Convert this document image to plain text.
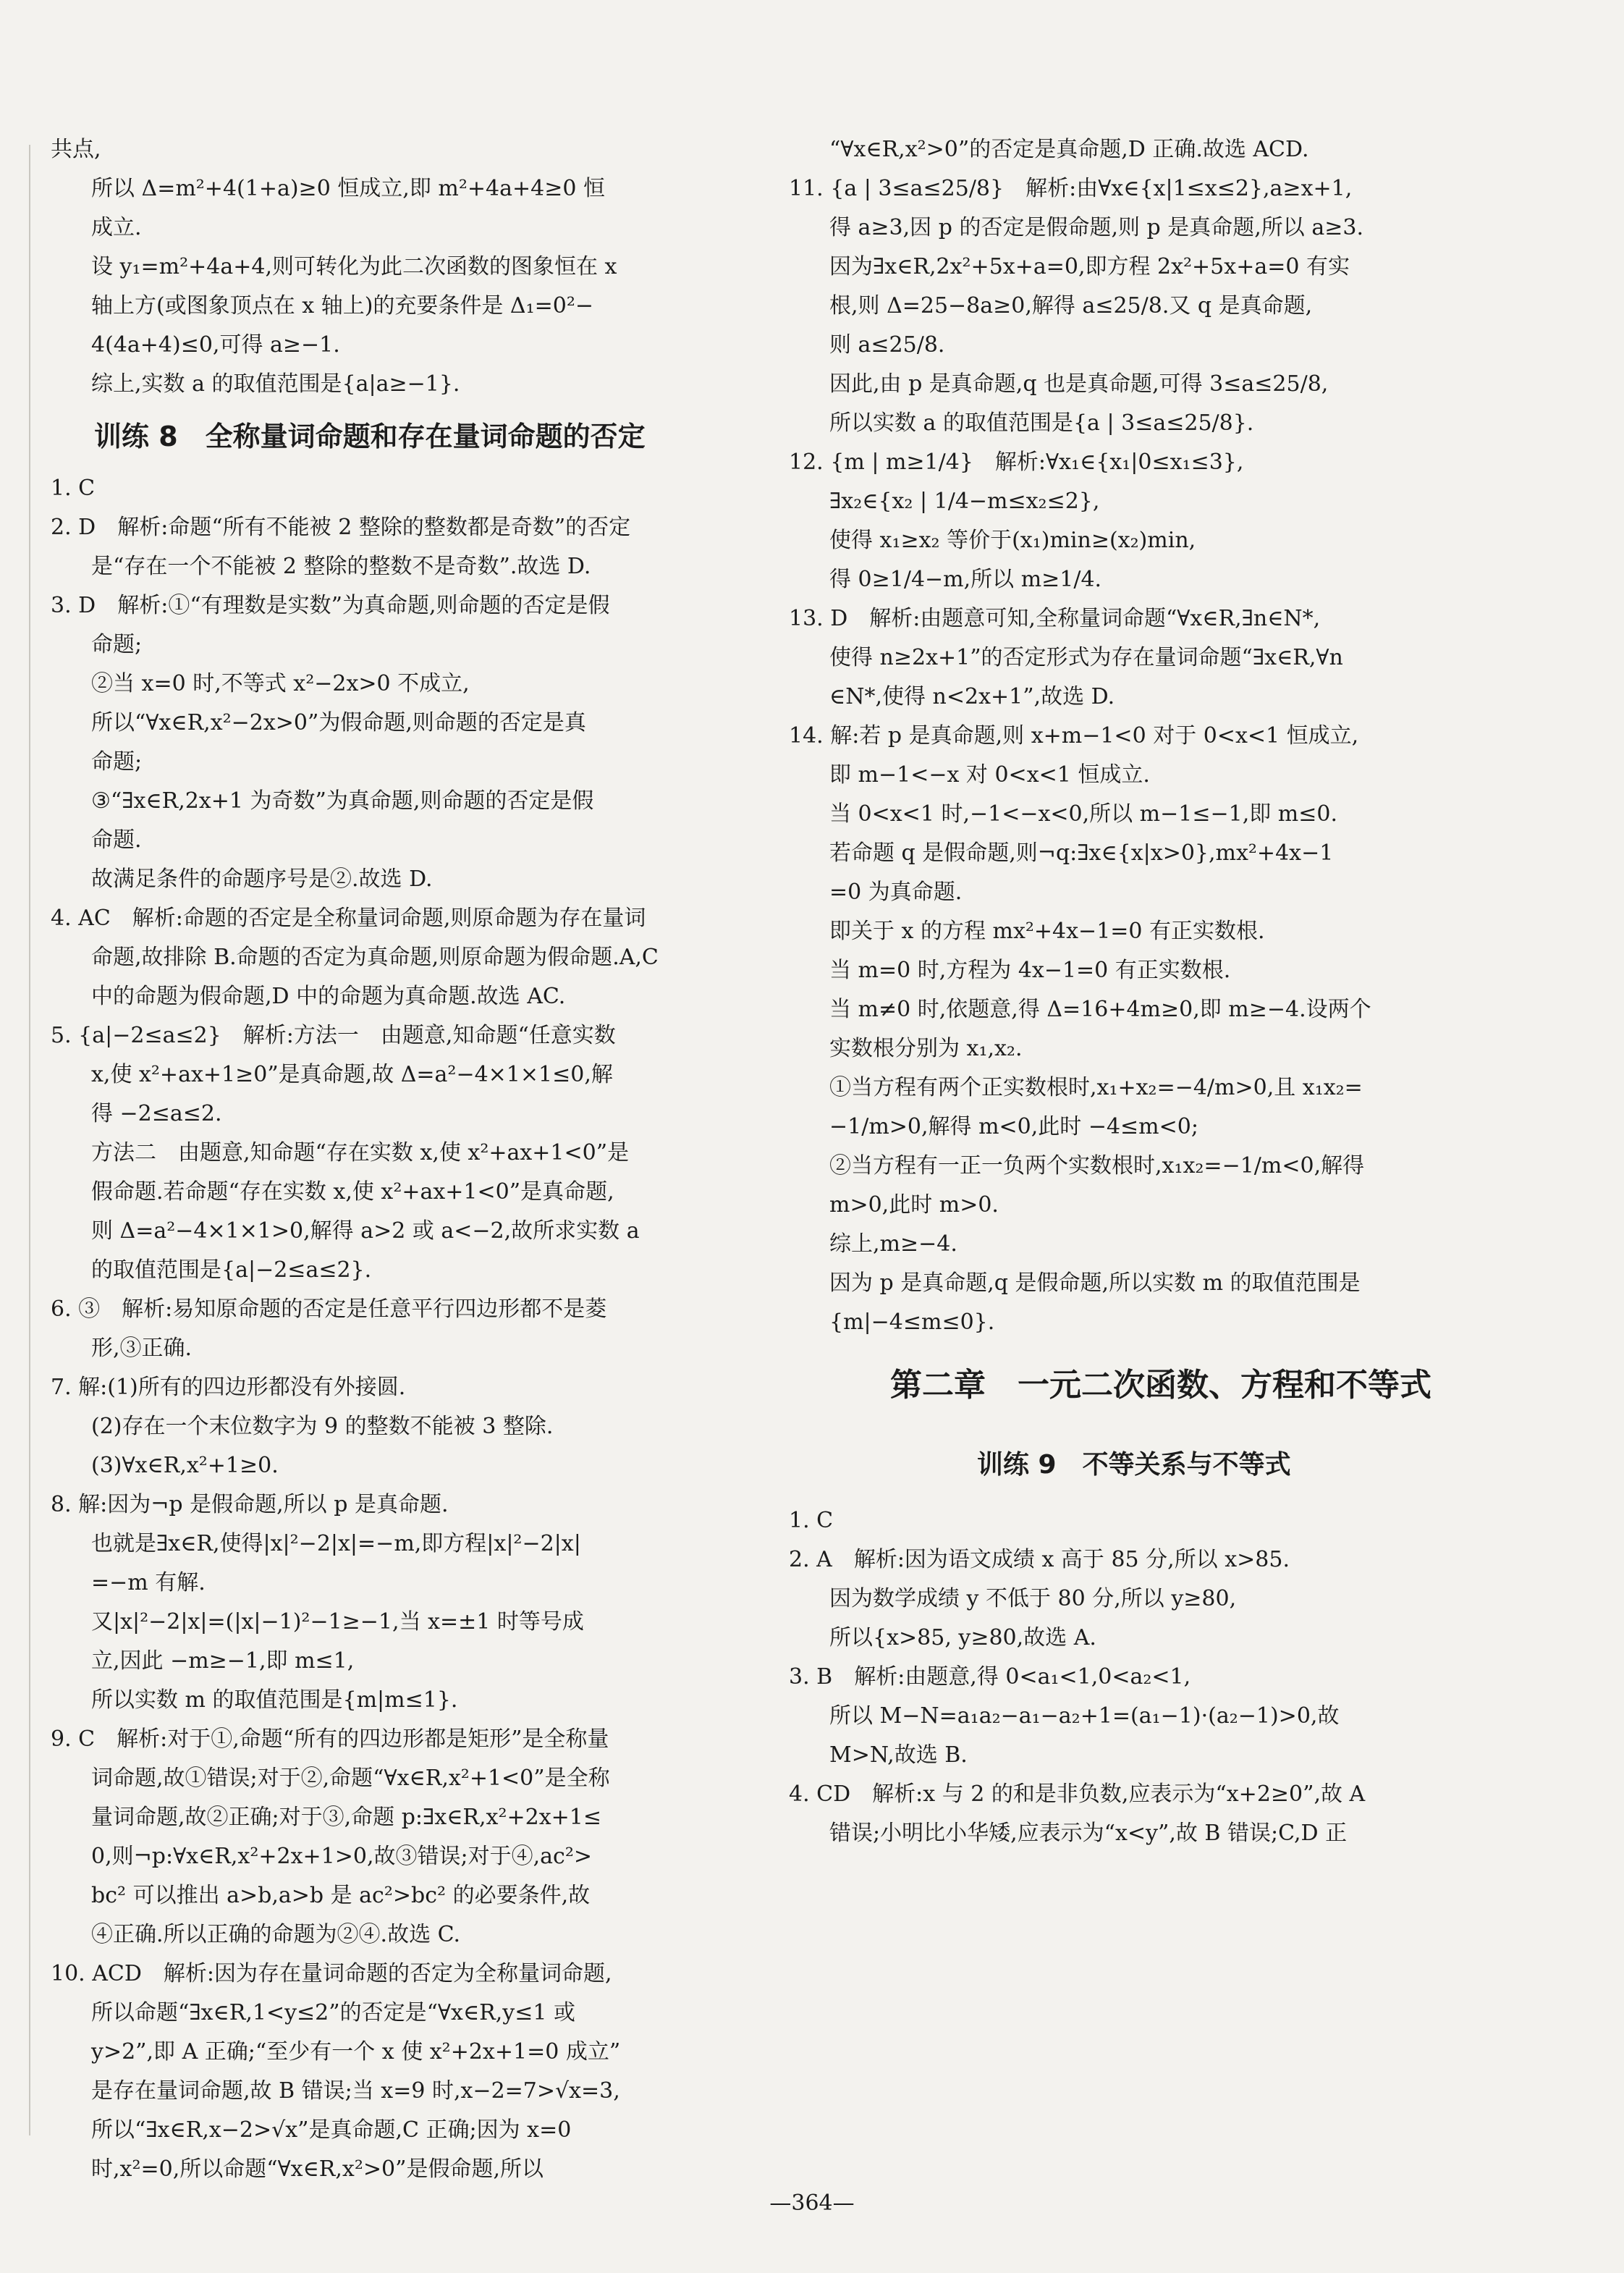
共点,
所以 Δ=m²+4(1+a)≥0 恒成立,即 m²+4a+4≥0 恒
成立.
设 y₁=m²+4a+4,则可转化为此二次函数的图象恒在 x
轴上方(或图象顶点在 x 轴上)的充要条件是 Δ₁=0²−
4(4a+4)≤0,可得 a≥−1.
综上,实数 a 的取值范围是{a|a≥−1}.
训练 8　全称量词命题和存在量词命题的否定
1. C
2. D　解析:命题“所有不能被 2 整除的整数都是奇数”的否定
是“存在一个不能被 2 整除的整数不是奇数”.故选 D.
3. D　解析:①“有理数是实数”为真命题,则命题的否定是假
命题;
②当 x=0 时,不等式 x²−2x>0 不成立,
所以“∀x∈R,x²−2x>0”为假命题,则命题的否定是真
命题;
③“∃x∈R,2x+1 为奇数”为真命题,则命题的否定是假
命题.
故满足条件的命题序号是②.故选 D.
4. AC　解析:命题的否定是全称量词命题,则原命题为存在量词
命题,故排除 B.命题的否定为真命题,则原命题为假命题.A,C
中的命题为假命题,D 中的命题为真命题.故选 AC.
5. {a|−2≤a≤2}　解析:方法一　由题意,知命题“任意实数
x,使 x²+ax+1≥0”是真命题,故 Δ=a²−4×1×1≤0,解
得 −2≤a≤2.
方法二　由题意,知命题“存在实数 x,使 x²+ax+1<0”是
假命题.若命题“存在实数 x,使 x²+ax+1<0”是真命题,
则 Δ=a²−4×1×1>0,解得 a>2 或 a<−2,故所求实数 a
的取值范围是{a|−2≤a≤2}.
6. ③　解析:易知原命题的否定是任意平行四边形都不是菱
形,③正确.
7. 解:(1)所有的四边形都没有外接圆.
(2)存在一个末位数字为 9 的整数不能被 3 整除.
(3)∀x∈R,x²+1≥0.
8. 解:因为¬p 是假命题,所以 p 是真命题.
也就是∃x∈R,使得|x|²−2|x|=−m,即方程|x|²−2|x|
=−m 有解.
又|x|²−2|x|=(|x|−1)²−1≥−1,当 x=±1 时等号成
立,因此 −m≥−1,即 m≤1,
所以实数 m 的取值范围是{m|m≤1}.
9. C　解析:对于①,命题“所有的四边形都是矩形”是全称量
词命题,故①错误;对于②,命题“∀x∈R,x²+1<0”是全称
量词命题,故②正确;对于③,命题 p:∃x∈R,x²+2x+1≤
0,则¬p:∀x∈R,x²+2x+1>0,故③错误;对于④,ac²>
bc² 可以推出 a>b,a>b 是 ac²>bc² 的必要条件,故
④正确.所以正确的命题为②④.故选 C.
10. ACD　解析:因为存在量词命题的否定为全称量词命题,
所以命题“∃x∈R,1<y≤2”的否定是“∀x∈R,y≤1 或
y>2”,即 A 正确;“至少有一个 x 使 x²+2x+1=0 成立”
是存在量词命题,故 B 错误;当 x=9 时,x−2=7>√x=3,
所以“∃x∈R,x−2>√x”是真命题,C 正确;因为 x=0
时,x²=0,所以命题“∀x∈R,x²>0”是假命题,所以
“∀x∈R,x²>0”的否定是真命题,D 正确.故选 ACD.
11. {a | 3≤a≤25/8}　解析:由∀x∈{x|1≤x≤2},a≥x+1,
得 a≥3,因 p 的否定是假命题,则 p 是真命题,所以 a≥3.
因为∃x∈R,2x²+5x+a=0,即方程 2x²+5x+a=0 有实
根,则 Δ=25−8a≥0,解得 a≤25/8.又 q 是真命题,
则 a≤25/8.
因此,由 p 是真命题,q 也是真命题,可得 3≤a≤25/8,
所以实数 a 的取值范围是{a | 3≤a≤25/8}.
12. {m | m≥1/4}　解析:∀x₁∈{x₁|0≤x₁≤3},
∃x₂∈{x₂ | 1/4−m≤x₂≤2},
使得 x₁≥x₂ 等价于(x₁)min≥(x₂)min,
得 0≥1/4−m,所以 m≥1/4.
13. D　解析:由题意可知,全称量词命题“∀x∈R,∃n∈N*,
使得 n≥2x+1”的否定形式为存在量词命题“∃x∈R,∀n
∈N*,使得 n<2x+1”,故选 D.
14. 解:若 p 是真命题,则 x+m−1<0 对于 0<x<1 恒成立,
即 m−1<−x 对 0<x<1 恒成立.
当 0<x<1 时,−1<−x<0,所以 m−1≤−1,即 m≤0.
若命题 q 是假命题,则¬q:∃x∈{x|x>0},mx²+4x−1
=0 为真命题.
即关于 x 的方程 mx²+4x−1=0 有正实数根.
当 m=0 时,方程为 4x−1=0 有正实数根.
当 m≠0 时,依题意,得 Δ=16+4m≥0,即 m≥−4.设两个
实数根分别为 x₁,x₂.
①当方程有两个正实数根时,x₁+x₂=−4/m>0,且 x₁x₂=
−1/m>0,解得 m<0,此时 −4≤m<0;
②当方程有一正一负两个实数根时,x₁x₂=−1/m<0,解得
m>0,此时 m>0.
综上,m≥−4.
因为 p 是真命题,q 是假命题,所以实数 m 的取值范围是
{m|−4≤m≤0}.
第二章　一元二次函数、方程和不等式
训练 9　不等关系与不等式
1. C
2. A　解析:因为语文成绩 x 高于 85 分,所以 x>85.
因为数学成绩 y 不低于 80 分,所以 y≥80,
所以{x>85, y≥80,故选 A.
3. B　解析:由题意,得 0<a₁<1,0<a₂<1,
所以 M−N=a₁a₂−a₁−a₂+1=(a₁−1)·(a₂−1)>0,故
M>N,故选 B.
4. CD　解析:x 与 2 的和是非负数,应表示为“x+2≥0”,故 A
错误;小明比小华矮,应表示为“x<y”,故 B 错误;C,D 正
—364—
